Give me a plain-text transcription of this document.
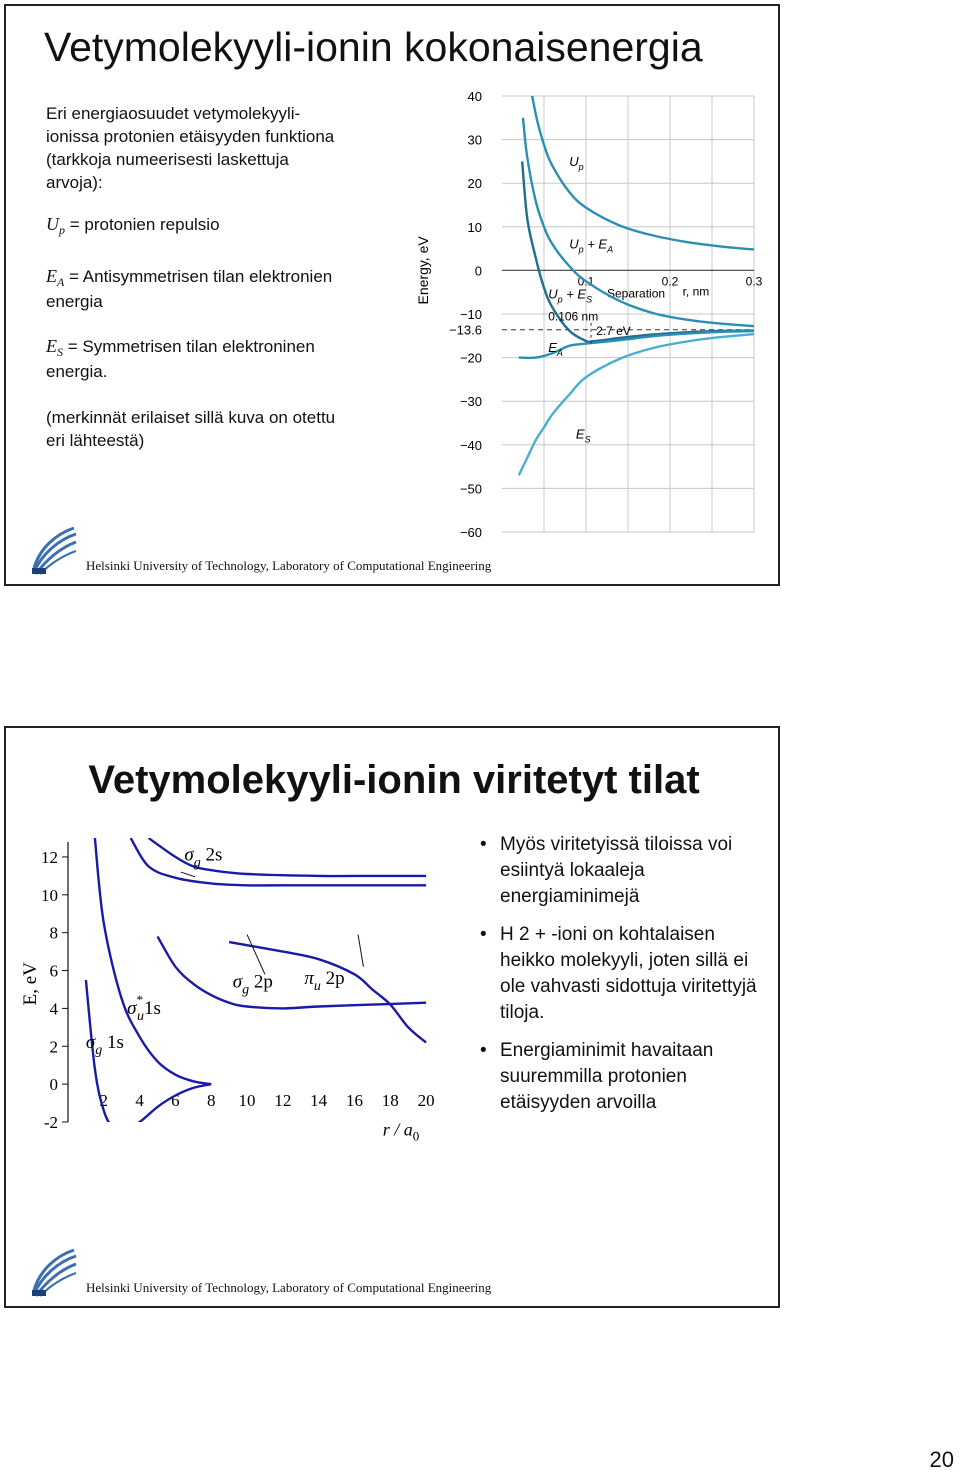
Vetymolekyyli-ionin kokonaisenergia
Eri energiaosuudet vetymolekyyli-ionissa protonien etäisyyden funktiona (tarkkoja numeerisesti laskettuja arvoja):
$U_p$ = protonien repulsio
$E_A$ = Antisymmetrisen tilan elektronien energia
$E_S$ = Symmetrisen tilan elektroninen energia.
(merkinnät erilaiset sillä kuva on otettu eri lähteestä)
40
30
20
10
0
−10
−20
−30
−40
−50
−60
−13.6
0.1	0.2	0.3
Energy, eV	r, nm
Separation
$U_p$
$U_p + E_A$
$U_p + E_S$
$E_A$
$E_S$
0.106 nm
2.7 eV
Helsinki University of Technology, Laboratory of Computational Engineering
Vetymolekyyli-ionin viritetyt tilat
12
10
8
6
4
2
0
-2
2 4 6 8 10 12 14 16 18 20
E, eV
r / $a_0$
$\sigma_g$ 1s
σ* u1s
$\sigma_g$ 2s
$\sigma_g$ 2p $\pi_u$ 2p
• Myös viritetyissä tiloissa voi esiintyä lokaaleja energiaminimejä
• H 2 + -ioni on kohtalaisen heikko molekyyli, joten sillä ei ole vahvasti sidottuja viritettyjä tiloja.
• Energiaminimit havaitaan suuremmilla protonien etäisyyden arvoilla
Helsinki University of Technology, Laboratory of Computational Engineering
20
